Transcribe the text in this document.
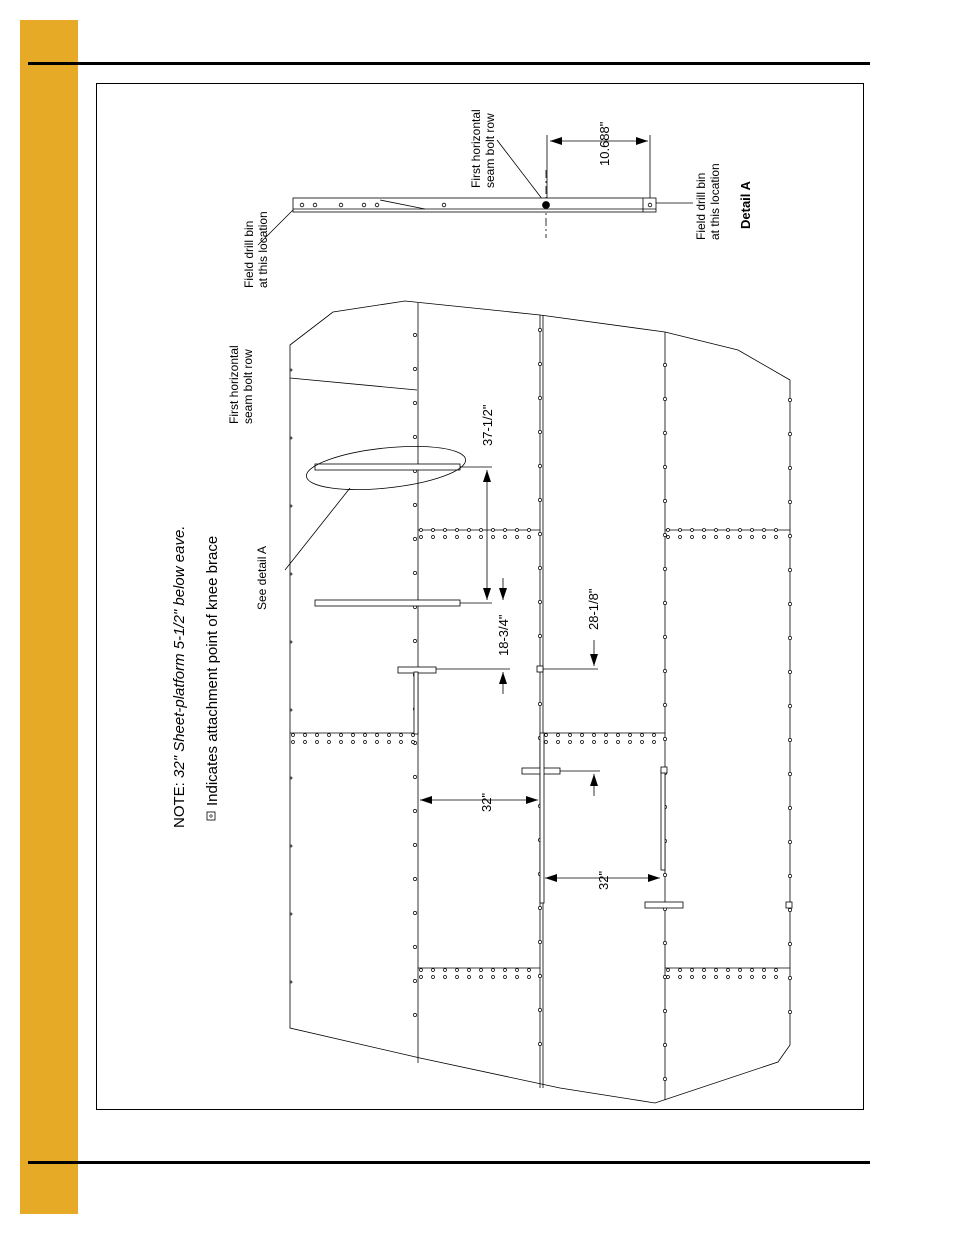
NOTE: 32" Sheet-platform 5-1/2" below eave. Indicates attachment point of knee brace
Field drill bin at this location
First horizontal seam bolt row	10.688"
Field drill bin at this location Detail A
First horizontal seam bolt row
See detail A
37-1/2"
18-3/4"
28-1/8"
32"
32"
